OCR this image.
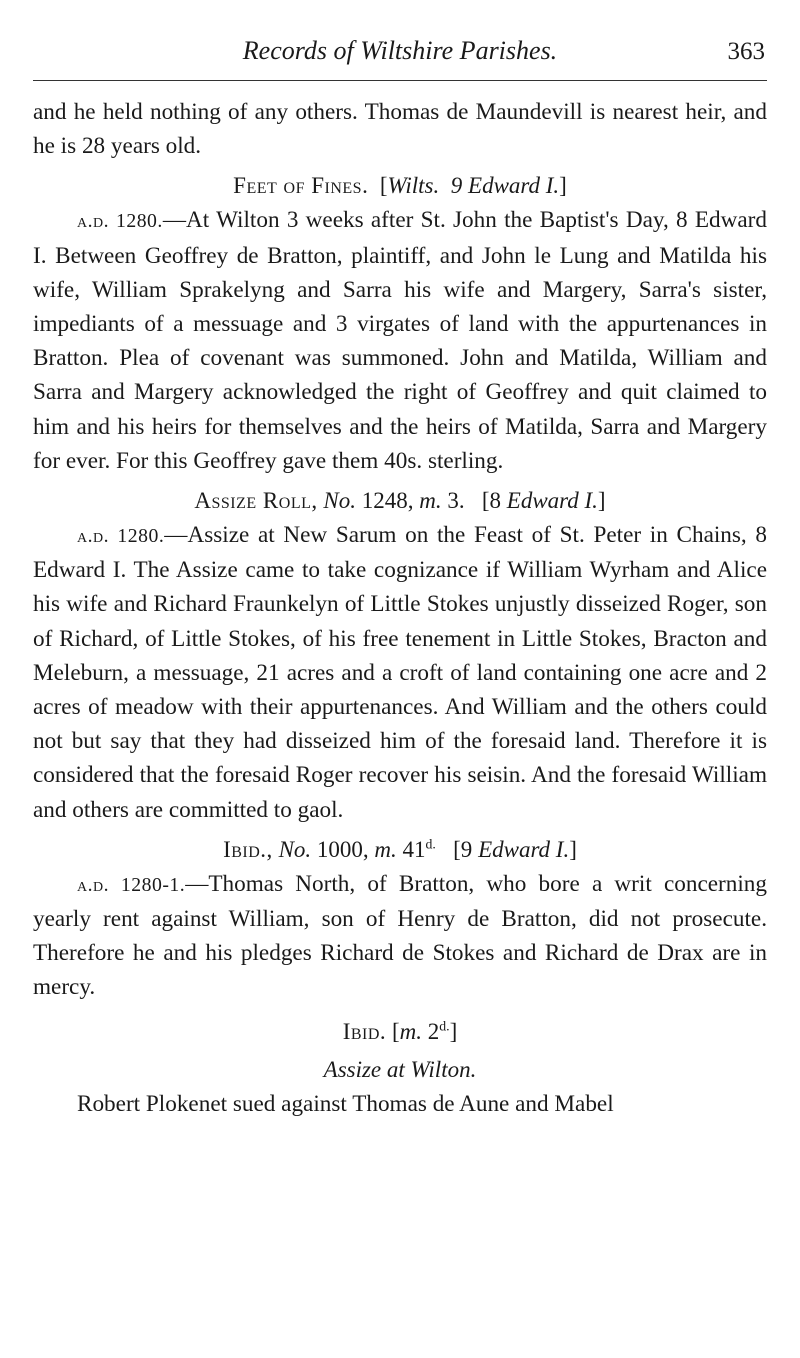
Records of Wiltshire Parishes.	363

and he held nothing of any others. Thomas de Maundevill is nearest heir, and he is 28 years old.

Feet of Fines. [Wilts. 9 Edward I.]

a.d. 1280.—At Wilton 3 weeks after St. John the Baptist's Day, 8 Edward I. Between Geoffrey de Bratton, plaintiff, and John le Lung and Matilda his wife, William Sprakelyng and Sarra his wife and Margery, Sarra's sister, impediants of a messuage and 3 virgates of land with the appurtenances in Bratton. Plea of covenant was summoned. John and Matilda, William and Sarra and Margery acknowledged the right of Geoffrey and quit claimed to him and his heirs for themselves and the heirs of Matilda, Sarra and Margery for ever. For this Geoffrey gave them 40s. sterling.

Assize Roll, No. 1248, m. 3. [8 Edward I.]

a.d. 1280.—Assize at New Sarum on the Feast of St. Peter in Chains, 8 Edward I. The Assize came to take cognizance if William Wyrham and Alice his wife and Richard Fraunkelyn of Little Stokes unjustly disseized Roger, son of Richard, of Little Stokes, of his free tenement in Little Stokes, Bracton and Meleburn, a messuage, 21 acres and a croft of land containing one acre and 2 acres of meadow with their appurtenances. And William and the others could not but say that they had disseized him of the foresaid land. Therefore it is considered that the foresaid Roger recover his seisin. And the foresaid William and others are committed to gaol.

Ibid., No. 1000, m. $41^{d.}$ [9 Edward I.]

a.d. 1280-1.—Thomas North, of Bratton, who bore a writ concerning yearly rent against William, son of Henry de Bratton, did not prosecute. Therefore he and his pledges Richard de Stokes and Richard de Drax are in mercy.

Ibid. [m. $2^{d.}$]

Assize at Wilton.

Robert Plokenet sued against Thomas de Aune and Mabel
